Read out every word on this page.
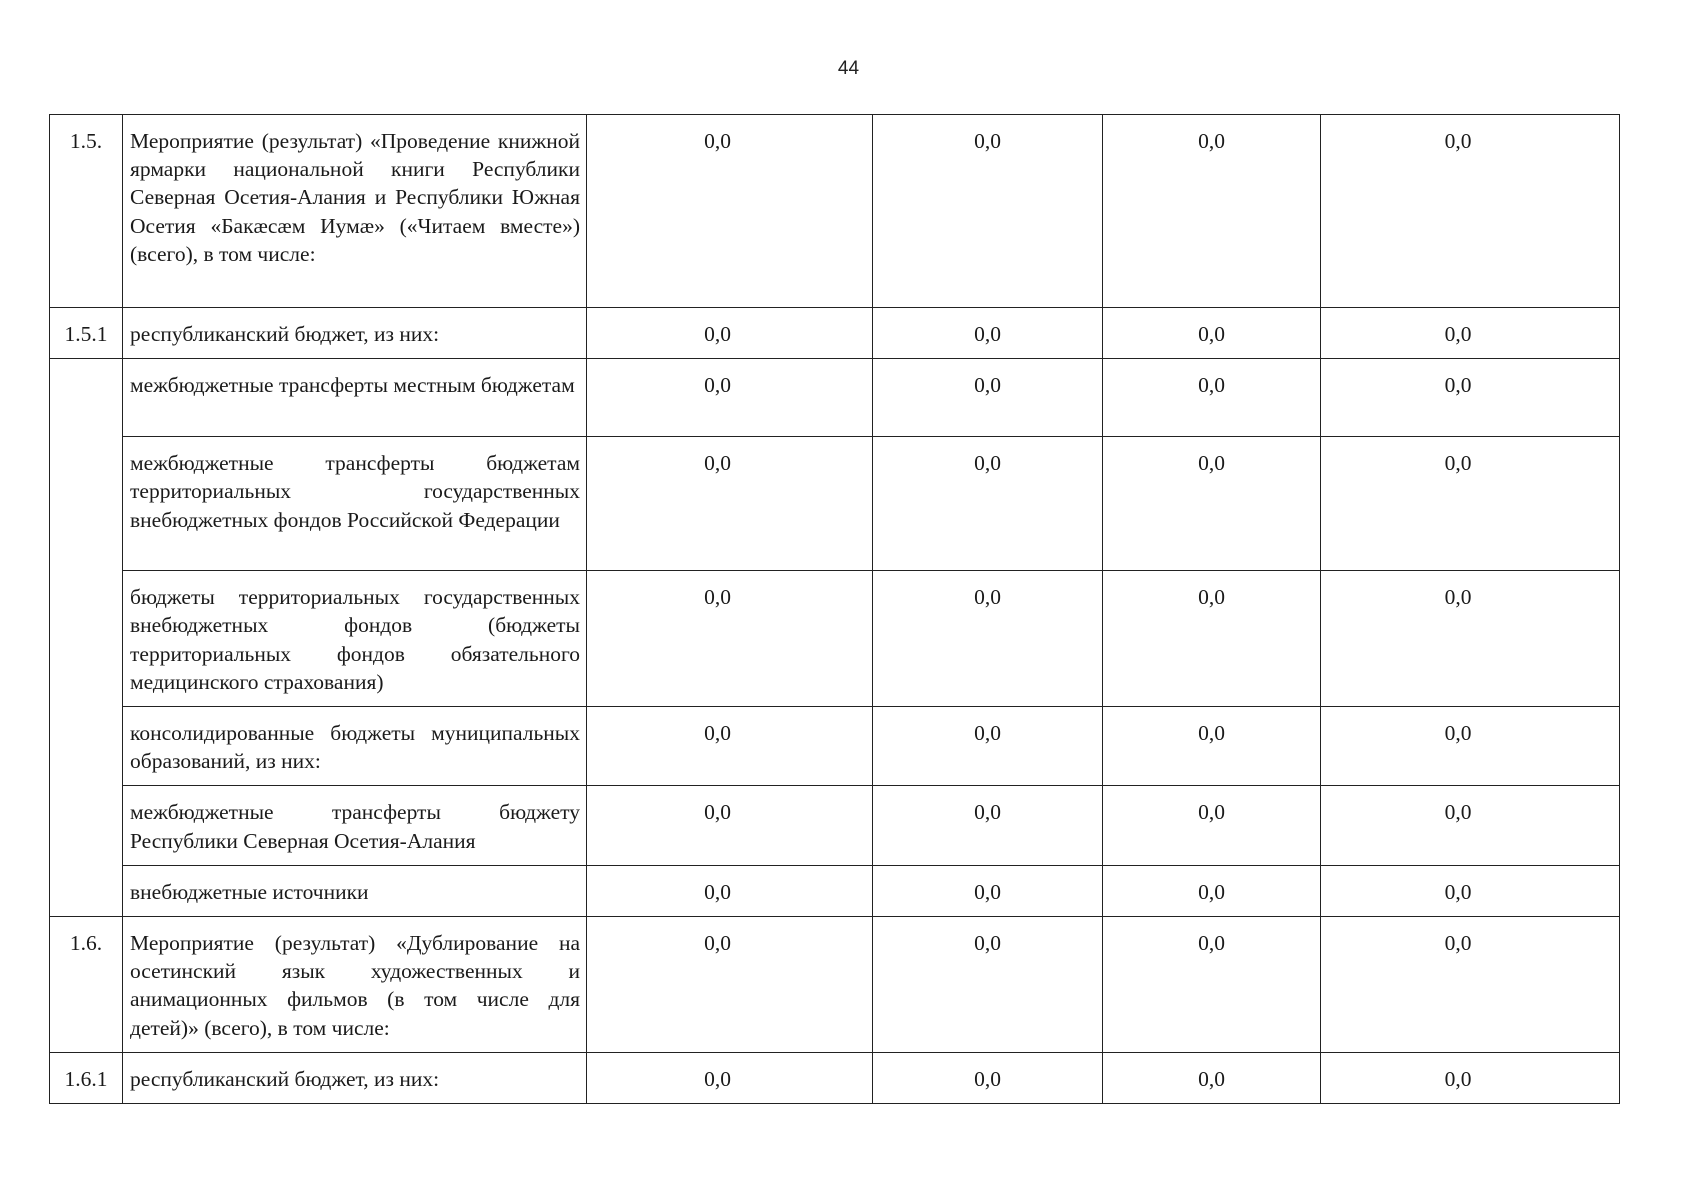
44
1.5.	Мероприятие (результат) «Проведение книжной ярмарки национальной книги Республики Северная Осетия-Алания и Республики Южная Осетия «Бакæсæм Иумæ» («Читаем вместе») (всего), в том числе:	0,0	0,0	0,0	0,0
1.5.1	республиканский бюджет, из них:	0,0	0,0	0,0	0,0
	межбюджетные трансферты местным бюджетам	0,0	0,0	0,0	0,0
	межбюджетные трансферты бюджетам территориальных государственных внебюджетных фондов Российской Федерации	0,0	0,0	0,0	0,0
	бюджеты территориальных государственных внебюджетных фондов (бюджеты территориальных фондов обязательного медицинского страхования)	0,0	0,0	0,0	0,0
	консолидированные бюджеты муниципальных образований, из них:	0,0	0,0	0,0	0,0
	межбюджетные трансферты бюджету Республики Северная Осетия-Алания	0,0	0,0	0,0	0,0
	внебюджетные источники	0,0	0,0	0,0	0,0
1.6.	Мероприятие (результат) «Дублирование на осетинский язык художественных и анимационных фильмов (в том числе для детей)» (всего), в том числе:	0,0	0,0	0,0	0,0
1.6.1	республиканский бюджет, из них:	0,0	0,0	0,0	0,0
